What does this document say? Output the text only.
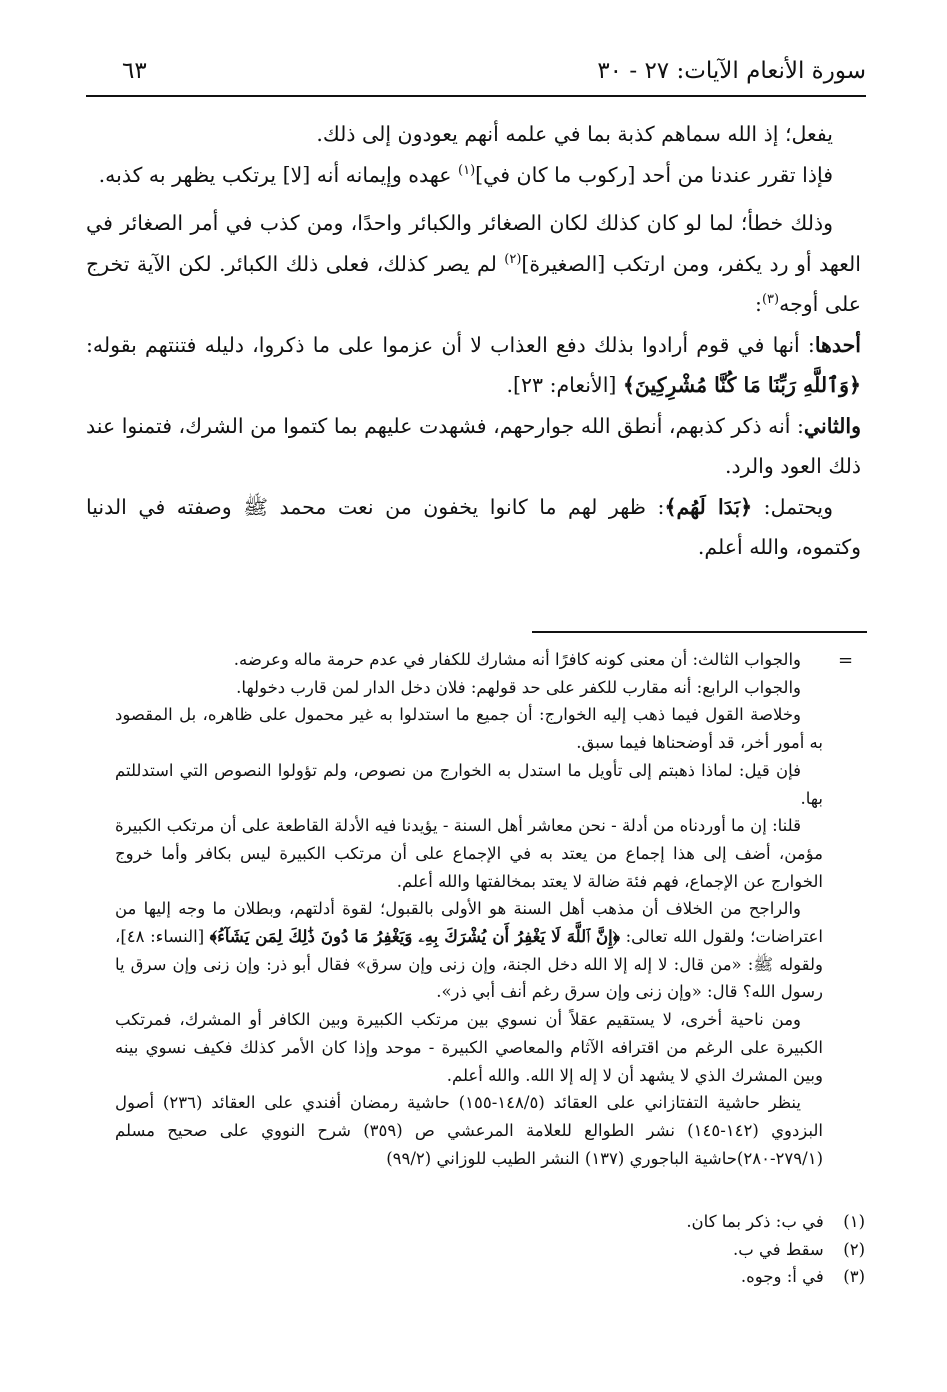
سورة الأنعام الآيات: ٢٧ - ٣٠
٦٣

يفعل؛ إذ الله سماهم كذبة بما في علمه أنهم يعودون إلى ذلك.

فإذا تقرر عندنا من أحد [ركوب ما كان في]$^{(١)}$ عهده وإيمانه أنه [لا] يرتكب يظهر به كذبه.

وذلك خطأ؛ لما لو كان كذلك لكان الصغائر والكبائر واحدًا، ومن كذب في أمر الصغائر في العهد أو رد يكفر، ومن ارتكب [الصغيرة]$^{(٢)}$ لم يصر كذلك، فعلى ذلك الكبائر. لكن الآية تخرج على أوجه$^{(٣)}$:

أحدها: أنها في قوم أرادوا بذلك دفع العذاب لا أن عزموا على ما ذكروا، دليله فتنتهم بقوله: ﴿وَٱللَّهِ رَبِّنَا مَا كُنَّا مُشْرِكِينَ﴾ [الأنعام: ٢٣].

والثاني: أنه ذكر كذبهم، أنطق الله جوارحهم، فشهدت عليهم بما كتموا من الشرك، فتمنوا عند ذلك العود والرد.

ويحتمل: ﴿بَدَا لَهُم﴾: ظهر لهم ما كانوا يخفون من نعت محمد ﷺ وصفته في الدنيا وكتموه، والله أعلم.

=

والجواب الثالث: أن معنى كونه كافرًا أنه مشارك للكفار في عدم حرمة ماله وعرضه.

والجواب الرابع: أنه مقارب للكفر على حد قولهم: فلان دخل الدار لمن قارب دخولها.

وخلاصة القول فيما ذهب إليه الخوارج: أن جميع ما استدلوا به غير محمول على ظاهره، بل المقصود به أمور أخر، قد أوضحناها فيما سبق.

فإن قيل: لماذا ذهبتم إلى تأويل ما استدل به الخوارج من نصوص، ولم تؤولوا النصوص التي استدللتم بها.

قلنا: إن ما أوردناه من أدلة - نحن معاشر أهل السنة - يؤيدنا فيه الأدلة القاطعة على أن مرتكب الكبيرة مؤمن، أضف إلى هذا إجماع من يعتد به في الإجماع على أن مرتكب الكبيرة ليس بكافر وأما خروج الخوارج عن الإجماع، فهم فئة ضالة لا يعتد بمخالفتها والله أعلم.

والراجح من الخلاف أن مذهب أهل السنة هو الأولى بالقبول؛ لقوة أدلتهم، وبطلان ما وجه إليها من اعتراضات؛ ولقول الله تعالى: ﴿إِنَّ ٱللَّهَ لَا يَغْفِرُ أَن يُشْرَكَ بِهِۦ وَيَغْفِرُ مَا دُونَ ذَٰلِكَ لِمَن يَشَآءُ﴾ [النساء: ٤٨]، ولقوله ﷺ: «من قال: لا إله إلا الله دخل الجنة، وإن زنى وإن سرق» فقال أبو ذر: وإن زنى وإن سرق يا رسول الله؟ قال: «وإن زنى وإن سرق رغم أنف أبي ذر».

ومن ناحية أخرى، لا يستقيم عقلاً أن نسوي بين مرتكب الكبيرة وبين الكافر أو المشرك، فمرتكب الكبيرة على الرغم من اقترافه الآثام والمعاصي الكبيرة - موحد وإذا كان الأمر كذلك فكيف نسوي بينه وبين المشرك الذي لا يشهد أن لا إله إلا الله. والله أعلم.

ينظر حاشية التفتازاني على العقائد (١٤٨/٥-١٥٥) حاشية رمضان أفندي على العقائد (٢٣٦) أصول البزدوي (١٤٢-١٤٥) نشر الطوالع للعلامة المرعشي ص (٣٥٩) شرح النووي على صحيح مسلم (٢٧٩/١-٢٨٠)حاشية الباجوري (١٣٧) النشر الطيب للوزاني (٩٩/٢)

(١) في ب: ذكر بما كان.
(٢) سقط في ب.
(٣) في أ: وجوه.
